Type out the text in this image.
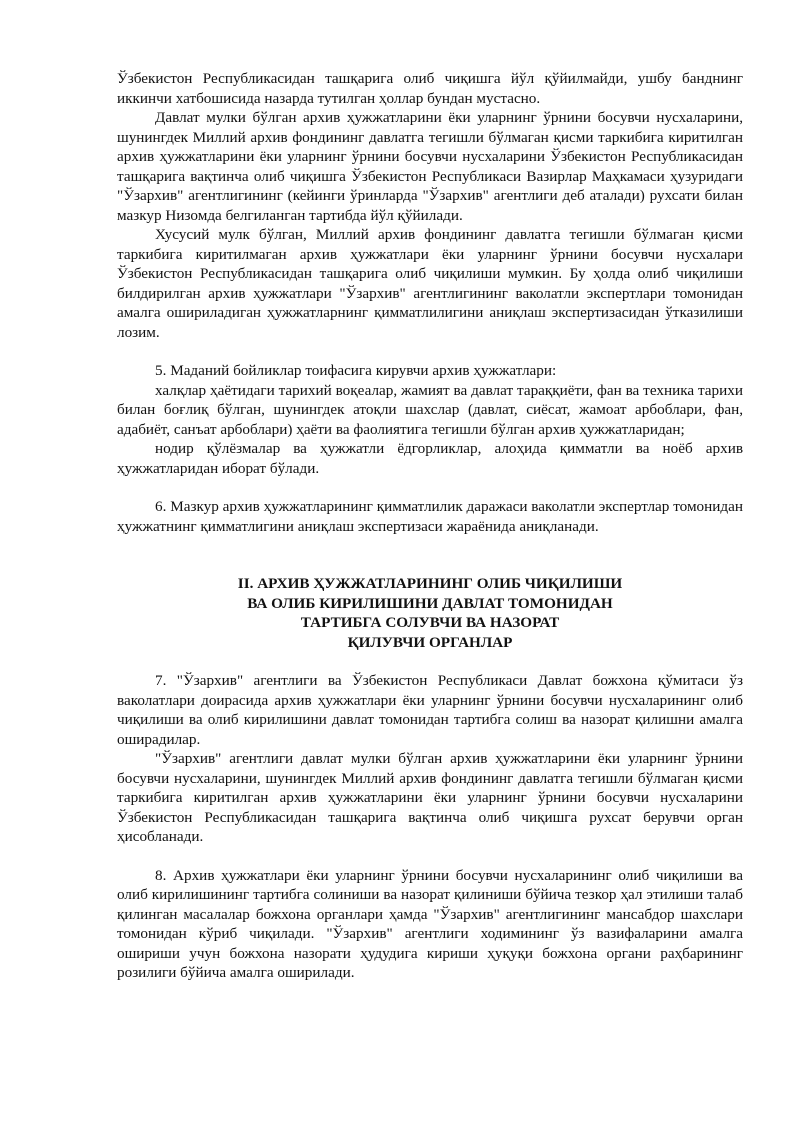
Ўзбекистон Республикасидан ташқарига олиб чиқишга йўл қўйилмайди, ушбу банднинг иккинчи хатбошисида назарда тутилган ҳоллар бундан мустасно.

Давлат мулки бўлган архив ҳужжатларини ёки уларнинг ўрнини босувчи нусхаларини, шунингдек Миллий архив фондининг давлатга тегишли бўлмаган қисми таркибига киритилган архив ҳужжатларини ёки уларнинг ўрнини босувчи нусхаларини Ўзбекистон Республикасидан ташқарига вақтинча олиб чиқишга Ўзбекистон Республикаси Вазирлар Маҳкамаси ҳузуридаги "Ўзархив" агентлигининг (кейинги ўринларда "Ўзархив" агентлиги деб аталади) рухсати билан мазкур Низомда белгиланган тартибда йўл қўйилади.

Хусусий мулк бўлган, Миллий архив фондининг давлатга тегишли бўлмаган қисми таркибига киритилмаган архив ҳужжатлари ёки уларнинг ўрнини босувчи нусхалари Ўзбекистон Республикасидан ташқарига олиб чиқилиши мумкин. Бу ҳолда олиб чиқилиши билдирилган архив ҳужжатлари "Ўзархив" агентлигининг ваколатли экспертлари томонидан амалга ошириладиган ҳужжатларнинг қимматлилигини аниқлаш экспертизасидан ўтказилиши лозим.

5. Маданий бойликлар тоифасига кирувчи архив ҳужжатлари:

халқлар ҳаётидаги тарихий воқеалар, жамият ва давлат тараққиёти, фан ва техника тарихи билан боғлиқ бўлган, шунингдек атоқли шахслар (давлат, сиёсат, жамоат арбоблари, фан, адабиёт, санъат арбоблари) ҳаёти ва фаолиятига тегишли бўлган архив ҳужжатларидан;

нодир қўлёзмалар ва ҳужжатли ёдгорликлар, алоҳида қимматли ва ноёб архив ҳужжатларидан иборат бўлади.

6. Мазкур архив ҳужжатларининг қимматлилик даражаси ваколатли экспертлар томонидан ҳужжатнинг қимматлигини аниқлаш экспертизаси жараёнида аниқланади.

II. АРХИВ ҲУЖЖАТЛАРИНИНГ ОЛИБ ЧИҚИЛИШИ

ВА ОЛИБ КИРИЛИШИНИ ДАВЛАТ ТОМОНИДАН

ТАРТИБГА СОЛУВЧИ ВА НАЗОРАТ

ҚИЛУВЧИ ОРГАНЛАР

7. "Ўзархив" агентлиги ва Ўзбекистон Республикаси Давлат божхона қўмитаси ўз ваколатлари доирасида архив ҳужжатлари ёки уларнинг ўрнини босувчи нусхаларининг олиб чиқилиши ва олиб кирилишини давлат томонидан тартибга солиш ва назорат қилишни амалга оширадилар.

"Ўзархив" агентлиги давлат мулки бўлган архив ҳужжатларини ёки уларнинг ўрнини босувчи нусхаларини, шунингдек Миллий архив фондининг давлатга тегишли бўлмаган қисми таркибига киритилган архив ҳужжатларини ёки уларнинг ўрнини босувчи нусхаларини Ўзбекистон Республикасидан ташқарига вақтинча олиб чиқишга рухсат берувчи орган ҳисобланади.

8. Архив ҳужжатлари ёки уларнинг ўрнини босувчи нусхаларининг олиб чиқилиши ва олиб кирилишининг тартибга солиниши ва назорат қилиниши бўйича тезкор ҳал этилиши талаб қилинган масалалар божхона органлари ҳамда "Ўзархив" агентлигининг мансабдор шахслари томонидан кўриб чиқилади. "Ўзархив" агентлиги ходимининг ўз вазифаларини амалга ошириши учун божхона назорати ҳудудига кириши ҳуқуқи божхона органи раҳбарининг розилиги бўйича амалга оширилади.
